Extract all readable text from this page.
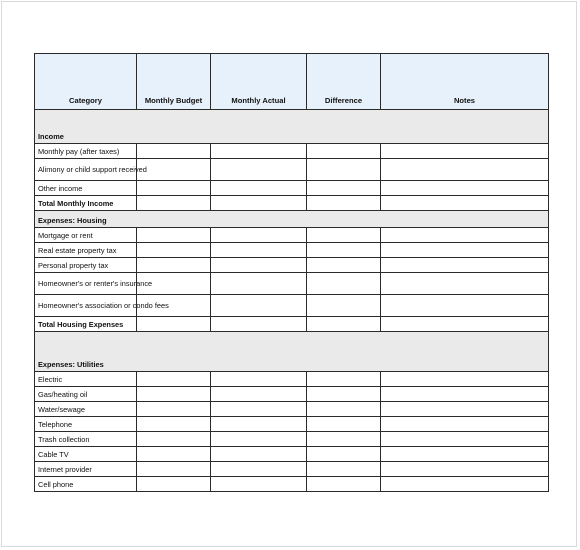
Category	Monthly Budget	Monthly Actual	Difference	Notes
Income				
Monthly pay (after taxes)				
Alimony or child support received				
Other income				
Total Monthly Income				
Expenses: Housing				
Mortgage or rent				
Real estate property tax				
Personal property tax				
Homeowner's or renter's insurance				
Homeowner's association or condo fees				
Total Housing Expenses				
Expenses: Utilities				
Electric				
Gas/heating oil				
Water/sewage				
Telephone				
Trash collection				
Cable TV				
Internet provider				
Cell phone				
